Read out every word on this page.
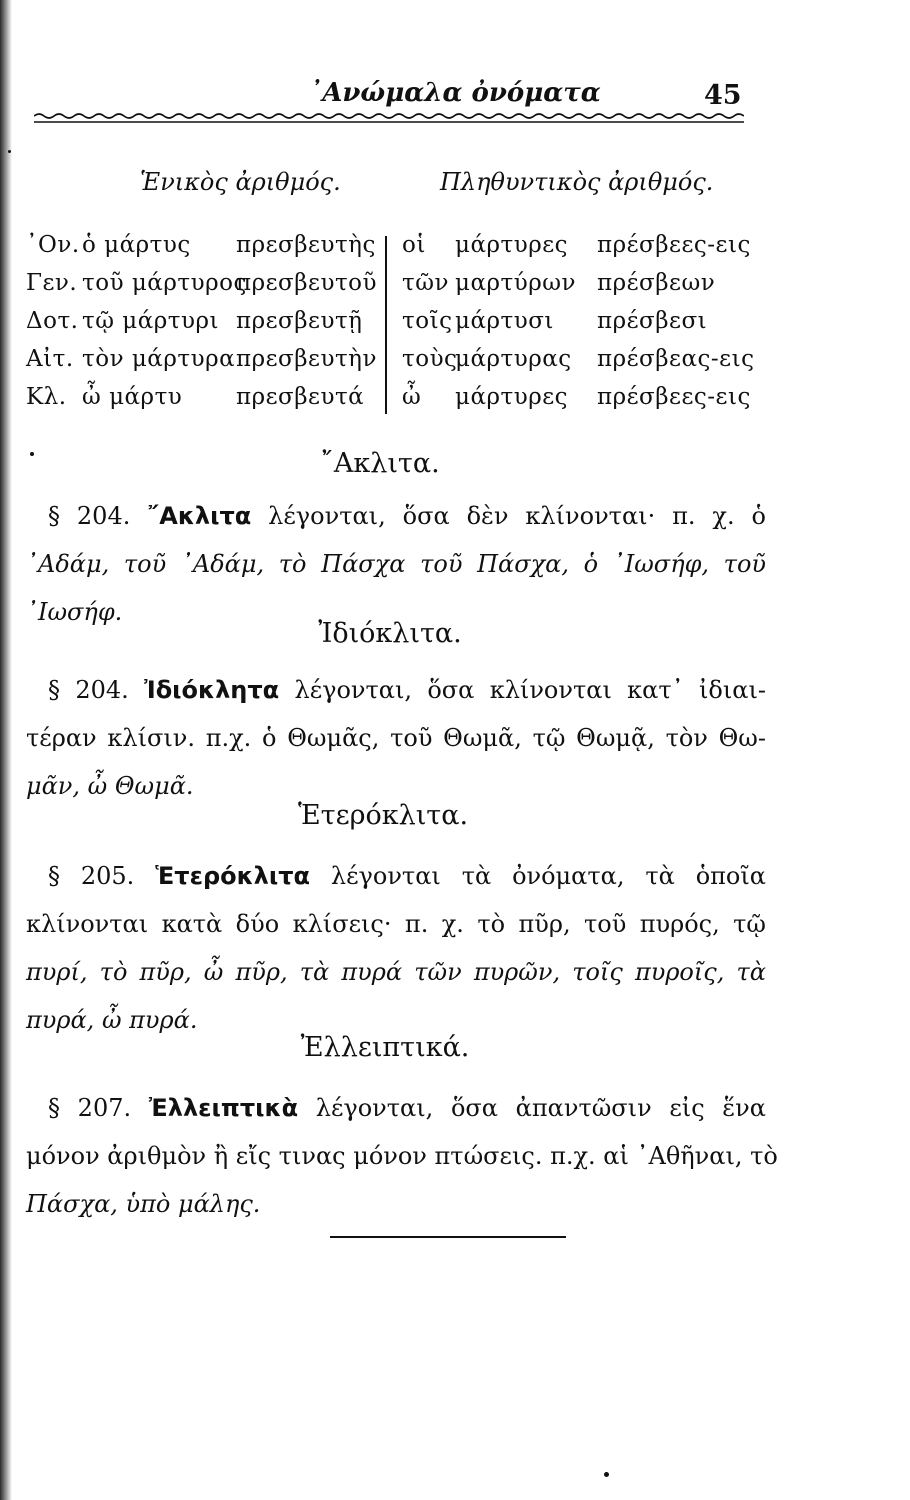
᾽Ανώμαλα ὀνόματα	45
Ἑνικὸς ἀριθμός.	Πληθυντικὸς ἀριθμός.
᾽Ον. ὁ μάρτυς πρεσβευτὴς οἱ μάρτυρες πρέσβεες-εις
Γεν. τοῦ μάρτυρος
πρεσβευτοῦ τῶν μαρτύρων πρέσβεων
Δοτ. τῷ μάρτυρι πρεσβευτῇ τοῖς μάρτυσι πρέσβεσι
Αἰτ. τὸν μάρτυρα πρεσβευτὴν τοὺς
μάρτυρας πρέσβεας-εις
Κλ. ὦ μάρτυ πρεσβευτά ὦ μάρτυρες πρέσβεες-εις
῎Ακλιτα.
§ 204. ῎Ακλιτα λέγονται, ὅσα δὲν κλίνονται· π. χ. ὁ
᾽Αδάμ, τοῦ ᾽Αδάμ, τὸ Πάσχα τοῦ Πάσχα, ὁ ᾽Ιωσήφ, τοῦ
᾽Ιωσήφ.
Ἰδιόκλιτα.
§ 204. Ἰδιόκλητα λέγονται, ὅσα κλίνονται κατ᾽ ἰδιαι-
τέραν κλίσιν. π.χ. ὁ Θωμᾶς, τοῦ Θωμᾶ, τῷ Θωμᾷ, τὸν Θω-
μᾶν, ὦ Θωμᾶ.
Ἑτερόκλιτα.
§ 205. Ἑτερόκλιτα λέγονται τὰ ὀνόματα, τὰ ὁποῖα
κλίνονται κατὰ δύο κλίσεις· π. χ. τὸ πῦρ, τοῦ πυρός, τῷ
πυρί, τὸ πῦρ, ὦ πῦρ, τὰ πυρά τῶν πυρῶν, τοῖς πυροῖς, τὰ
πυρά, ὦ πυρά.
Ἐλλειπτικά.
§ 207. Ἐλλειπτικὰ λέγονται, ὅσα ἀπαντῶσιν εἰς ἕνα
μόνον ἀριθμὸν ἢ εἴς τινας μόνον πτώσεις. π.χ. αἱ ᾽Αθῆναι, τὸ
Πάσχα, ὑπὸ μάλης.
